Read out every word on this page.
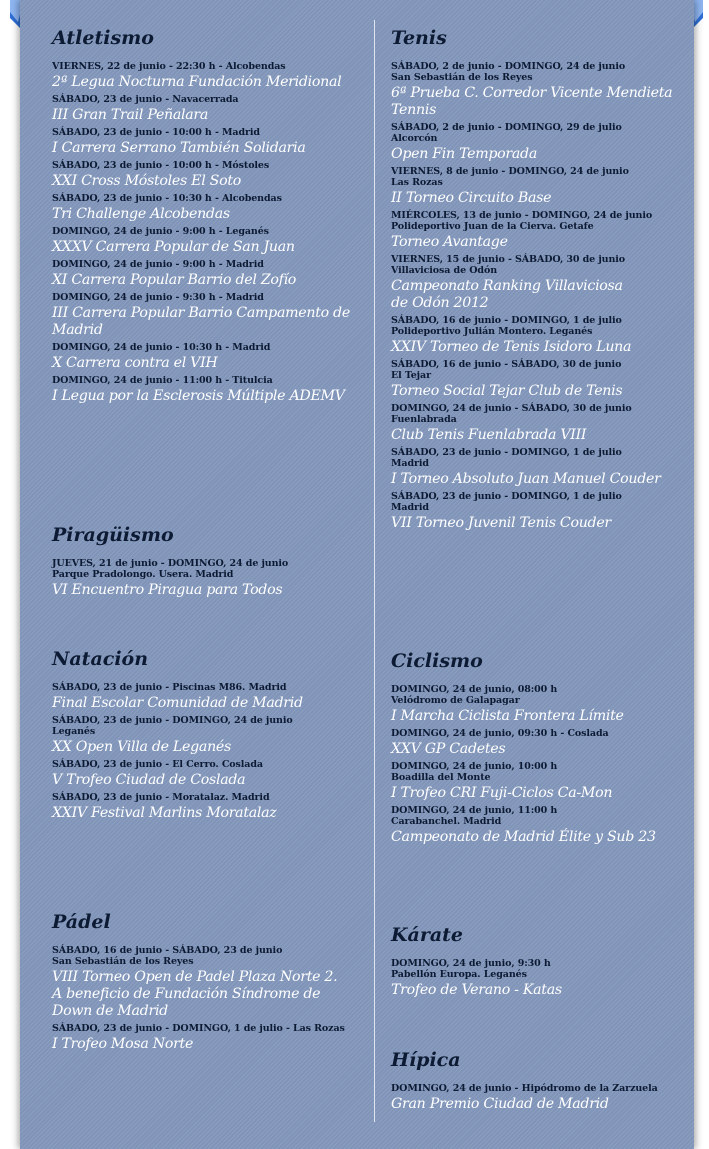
Atletismo
VIERNES, 22 de junio - 22:30 h - Alcobendas
2ª Legua Nocturna Fundación Meridional
SÁBADO, 23 de junio - Navacerrada
III Gran Trail Peñalara
SÁBADO, 23 de junio - 10:00 h - Madrid
I Carrera Serrano También Solidaria
SÁBADO, 23 de junio - 10:00 h - Móstoles
XXI Cross Móstoles El Soto
SÁBADO, 23 de junio - 10:30 h - Alcobendas
Tri Challenge Alcobendas
DOMINGO, 24 de junio - 9:00 h - Leganés
XXXV Carrera Popular de San Juan
DOMINGO, 24 de junio - 9:00 h - Madrid
XI Carrera Popular Barrio del Zofío
DOMINGO, 24 de junio - 9:30 h - Madrid
III Carrera Popular Barrio Campamento de
Madrid
DOMINGO, 24 de junio - 10:30 h - Madrid
X Carrera contra el VIH
DOMINGO, 24 de junio - 11:00 h - Titulcia
I Legua por la Esclerosis Múltiple ADEMV
Piragüismo
JUEVES, 21 de junio - DOMINGO, 24 de junio
Parque Pradolongo. Usera. Madrid
VI Encuentro Piragua para Todos
Natación
SÁBADO, 23 de junio - Piscinas M86. Madrid
Final Escolar Comunidad de Madrid
SÁBADO, 23 de junio - DOMINGO, 24 de junio
Leganés
XX Open Villa de Leganés
SÁBADO, 23 de junio - El Cerro. Coslada
V Trofeo Ciudad de Coslada
SÁBADO, 23 de junio - Moratalaz. Madrid
XXIV Festival Marlins Moratalaz
Pádel
SÁBADO, 16 de junio - SÁBADO, 23 de junio
San Sebastián de los Reyes
VIII Torneo Open de Padel Plaza Norte 2.
A beneficio de Fundación Síndrome de
Down de Madrid
SÁBADO, 23 de junio - DOMINGO, 1 de julio - Las Rozas
I Trofeo Mosa Norte
Tenis
SÁBADO, 2 de junio - DOMINGO, 24 de junio
San Sebastián de los Reyes
6ª Prueba C. Corredor Vicente Mendieta
Tennis
SÁBADO, 2 de junio - DOMINGO, 29 de julio
Alcorcón
Open Fin Temporada
VIERNES, 8 de junio - DOMINGO, 24 de junio
Las Rozas
II Torneo Circuito Base
MIÉRCOLES, 13 de junio - DOMINGO, 24 de junio
Polideportivo Juan de la Cierva. Getafe
Torneo Avantage
VIERNES, 15 de junio - SÁBADO, 30 de junio
Villaviciosa de Odón
Campeonato Ranking Villaviciosa
de Odón 2012
SÁBADO, 16 de junio - DOMINGO, 1 de julio
Polideportivo Julián Montero. Leganés
XXIV Torneo de Tenis Isidoro Luna
SÁBADO, 16 de junio - SÁBADO, 30 de junio
El Tejar
Torneo Social Tejar Club de Tenis
DOMINGO, 24 de junio - SÁBADO, 30 de junio
Fuenlabrada
Club Tenis Fuenlabrada VIII
SÁBADO, 23 de junio - DOMINGO, 1 de julio
Madrid
I Torneo Absoluto Juan Manuel Couder
SÁBADO, 23 de junio - DOMINGO, 1 de julio
Madrid
VII Torneo Juvenil Tenis Couder
Ciclismo
DOMINGO, 24 de junio, 08:00 h
Velódromo de Galapagar
I Marcha Ciclista Frontera Límite
DOMINGO, 24 de junio, 09:30 h - Coslada
XXV GP Cadetes
DOMINGO, 24 de junio, 10:00 h
Boadilla del Monte
I Trofeo CRI Fuji-Ciclos Ca-Mon
DOMINGO, 24 de junio, 11:00 h
Carabanchel. Madrid
Campeonato de Madrid Élite y Sub 23
Kárate
DOMINGO, 24 de junio, 9:30 h
Pabellón Europa. Leganés
Trofeo de Verano - Katas
Hípica
DOMINGO, 24 de junio - Hipódromo de la Zarzuela
Gran Premio Ciudad de Madrid
